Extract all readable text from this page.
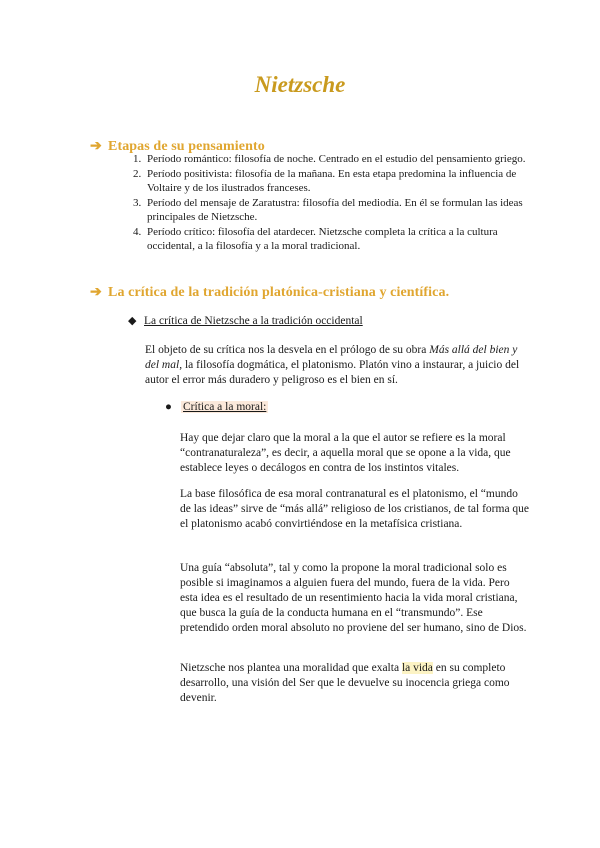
Nietzsche
➔ Etapas de su pensamiento
1. Período romántico: filosofía de noche. Centrado en el estudio del pensamiento griego.
2. Período positivista: filosofía de la mañana. En esta etapa predomina la influencia de Voltaire y de los ilustrados franceses.
3. Período del mensaje de Zaratustra: filosofía del mediodía. En él se formulan las ideas principales de Nietzsche.
4. Período crítico: filosofía del atardecer. Nietzsche completa la crítica a la cultura occidental, a la filosofía y a la moral tradicional.
➔ La crítica de la tradición platónica-cristiana y científica.
◆ La crítica de Nietzsche a la tradición occidental
El objeto de su crítica nos la desvela en el prólogo de su obra Más allá del bien y del mal, la filosofía dogmática, el platonismo. Platón vino a instaurar, a juicio del autor el error más duradero y peligroso es el bien en sí.
● Crítica a la moral:
Hay que dejar claro que la moral a la que el autor se refiere es la moral “contranaturaleza”, es decir, a aquella moral que se opone a la vida, que establece leyes o decálogos en contra de los instintos vitales.
La base filosófica de esa moral contranatural es el platonismo, el “mundo de las ideas” sirve de “más allá” religioso de los cristianos, de tal forma que el platonismo acabó convirtiéndose en la metafísica cristiana.
Una guía “absoluta”, tal y como la propone la moral tradicional solo es posible si imaginamos a alguien fuera del mundo, fuera de la vida. Pero esta idea es el resultado de un resentimiento hacia la vida moral cristiana, que busca la guía de la conducta humana en el “transmundo”. Ese pretendido orden moral absoluto no proviene del ser humano, sino de Dios.
Nietzsche nos plantea una moralidad que exalta la vida en su completo desarrollo, una visión del Ser que le devuelve su inocencia griega como devenir.
